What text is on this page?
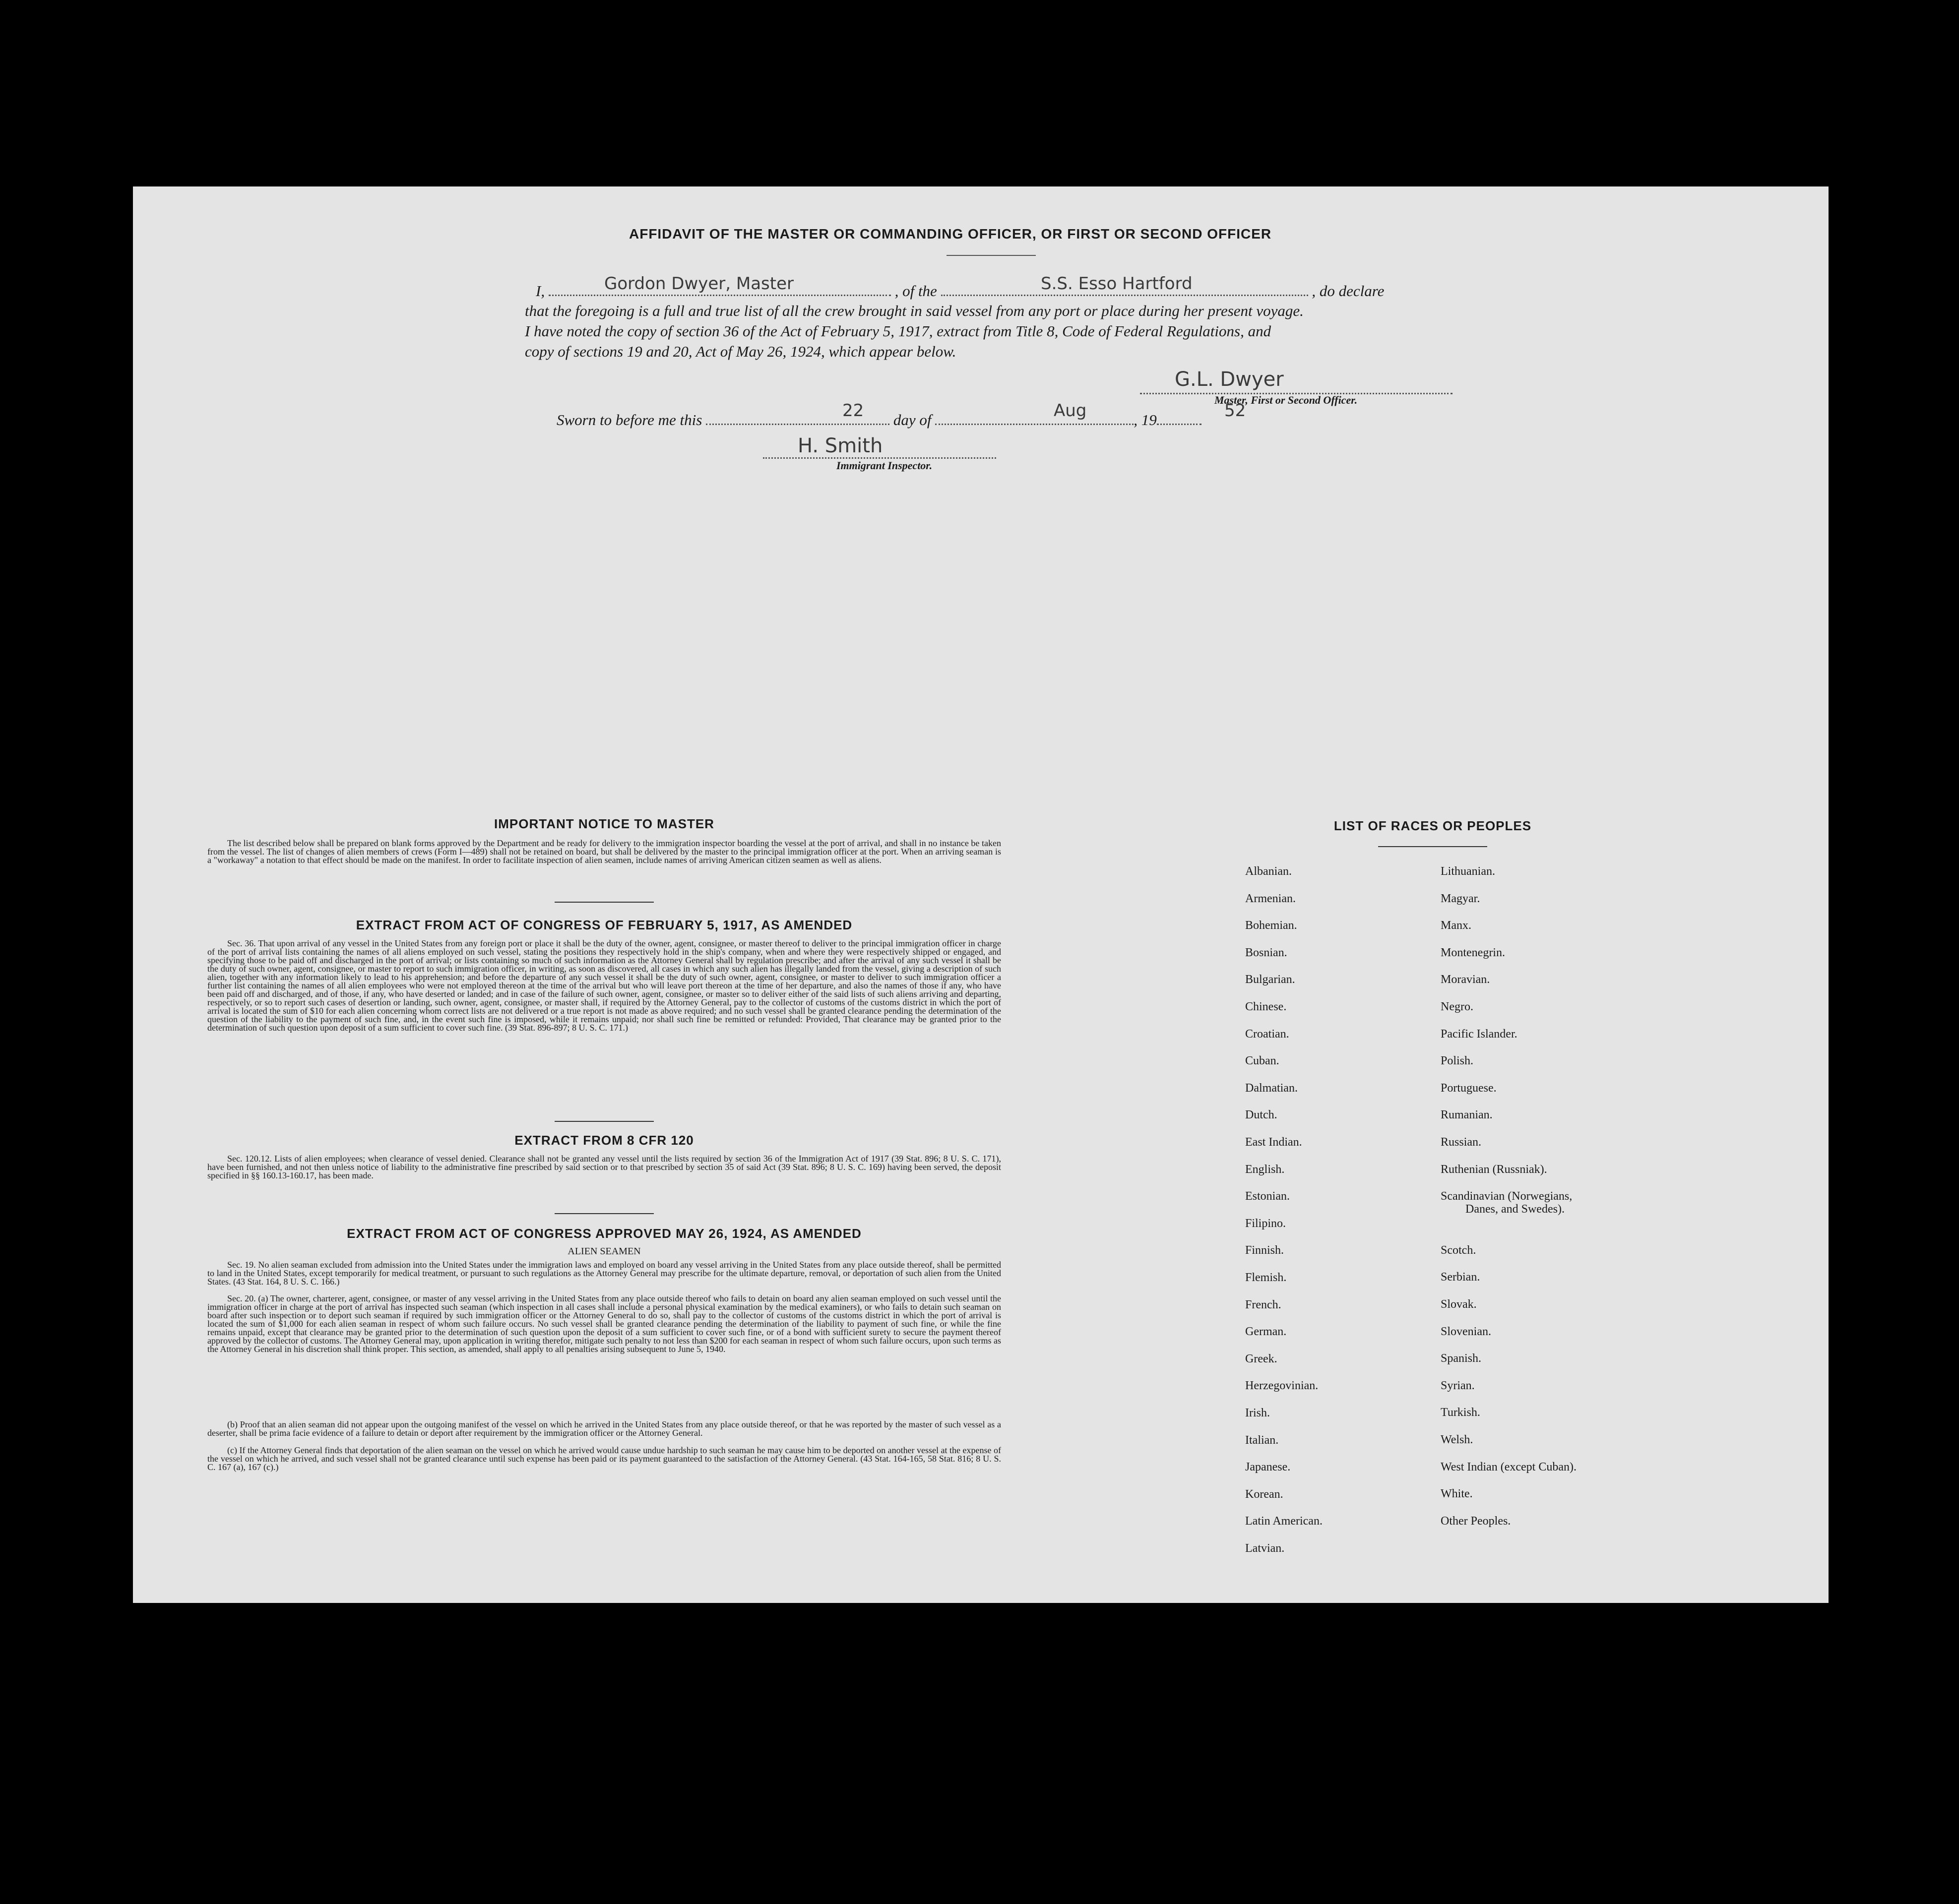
AFFIDAVIT OF THE MASTER OR COMMANDING OFFICER, OR FIRST OR SECOND OFFICER
I,	, of the	, do declare
Gordon Dwyer, Master	S.S. Esso Hartford
that the foregoing is a full and true list of all the crew brought in said vessel from any port or place during her present voyage.
I have noted the copy of section 36 of the Act of February 5, 1917, extract from Title 8, Code of Federal Regulations, and
copy of sections 19 and 20, Act of May 26, 1924, which appear below.
G.L. Dwyer
Master, First or Second Officer.
Sworn to before me this	day of	, 19
22	Aug	52
H. Smith
Immigrant Inspector.
IMPORTANT NOTICE TO MASTER
The list described below shall be prepared on blank forms approved by the Department and be ready for delivery to the immigration inspector boarding the vessel at the port of arrival, and shall in no instance be taken from the vessel. The list of changes of alien members of crews (Form I—489) shall not be retained on board, but shall be delivered by the master to the principal immigration officer at the port. When an arriving seaman is a "workaway" a notation to that effect should be made on the manifest. In order to facilitate inspection of alien seamen, include names of arriving American citizen seamen as well as aliens.
EXTRACT FROM ACT OF CONGRESS OF FEBRUARY 5, 1917, AS AMENDED
Sec. 36. That upon arrival of any vessel in the United States from any foreign port or place it shall be the duty of the owner, agent, consignee, or master thereof to deliver to the principal immigration officer in charge of the port of arrival lists containing the names of all aliens employed on such vessel, stating the positions they respectively hold in the ship's company, when and where they were respectively shipped or engaged, and specifying those to be paid off and discharged in the port of arrival; or lists containing so much of such information as the Attorney General shall by regulation prescribe; and after the arrival of any such vessel it shall be the duty of such owner, agent, consignee, or master to report to such immigration officer, in writing, as soon as discovered, all cases in which any such alien has illegally landed from the vessel, giving a description of such alien, together with any information likely to lead to his apprehension; and before the departure of any such vessel it shall be the duty of such owner, agent, consignee, or master to deliver to such immigration officer a further list containing the names of all alien employees who were not employed thereon at the time of the arrival but who will leave port thereon at the time of her departure, and also the names of those if any, who have been paid off and discharged, and of those, if any, who have deserted or landed; and in case of the failure of such owner, agent, consignee, or master so to deliver either of the said lists of such aliens arriving and departing, respectively, or so to report such cases of desertion or landing, such owner, agent, consignee, or master shall, if required by the Attorney General, pay to the collector of customs of the customs district in which the port of arrival is located the sum of $10 for each alien concerning whom correct lists are not delivered or a true report is not made as above required; and no such vessel shall be granted clearance pending the determination of the question of the liability to the payment of such fine, and, in the event such fine is imposed, while it remains unpaid; nor shall such fine be remitted or refunded: Provided, That clearance may be granted prior to the determination of such question upon deposit of a sum sufficient to cover such fine. (39 Stat. 896-897; 8 U. S. C. 171.)
EXTRACT FROM 8 CFR 120
Sec. 120.12. Lists of alien employees; when clearance of vessel denied. Clearance shall not be granted any vessel until the lists required by section 36 of the Immigration Act of 1917 (39 Stat. 896; 8 U. S. C. 171), have been furnished, and not then unless notice of liability to the administrative fine prescribed by said section or to that prescribed by section 35 of said Act (39 Stat. 896; 8 U. S. C. 169) having been served, the deposit specified in §§ 160.13-160.17, has been made.
EXTRACT FROM ACT OF CONGRESS APPROVED MAY 26, 1924, AS AMENDED
ALIEN SEAMEN
Sec. 19. No alien seaman excluded from admission into the United States under the immigration laws and employed on board any vessel arriving in the United States from any place outside thereof, shall be permitted to land in the United States, except temporarily for medical treatment, or pursuant to such regulations as the Attorney General may prescribe for the ultimate departure, removal, or deportation of such alien from the United States. (43 Stat. 164, 8 U. S. C. 166.)
Sec. 20. (a) The owner, charterer, agent, consignee, or master of any vessel arriving in the United States from any place outside thereof who fails to detain on board any alien seaman employed on such vessel until the immigration officer in charge at the port of arrival has inspected such seaman (which inspection in all cases shall include a personal physical examination by the medical examiners), or who fails to detain such seaman on board after such inspection or to deport such seaman if required by such immigration officer or the Attorney General to do so, shall pay to the collector of customs of the customs district in which the port of arrival is located the sum of $1,000 for each alien seaman in respect of whom such failure occurs. No such vessel shall be granted clearance pending the determination of the liability to payment of such fine, or while the fine remains unpaid, except that clearance may be granted prior to the determination of such question upon the deposit of a sum sufficient to cover such fine, or of a bond with sufficient surety to secure the payment thereof approved by the collector of customs. The Attorney General may, upon application in writing therefor, mitigate such penalty to not less than $200 for each seaman in respect of whom such failure occurs, upon such terms as the Attorney General in his discretion shall think proper. This section, as amended, shall apply to all penalties arising subsequent to June 5, 1940.
(b) Proof that an alien seaman did not appear upon the outgoing manifest of the vessel on which he arrived in the United States from any place outside thereof, or that he was reported by the master of such vessel as a deserter, shall be prima facie evidence of a failure to detain or deport after requirement by the immigration officer or the Attorney General.
(c) If the Attorney General finds that deportation of the alien seaman on the vessel on which he arrived would cause undue hardship to such seaman he may cause him to be deported on another vessel at the expense of the vessel on which he arrived, and such vessel shall not be granted clearance until such expense has been paid or its payment guaranteed to the satisfaction of the Attorney General. (43 Stat. 164-165, 58 Stat. 816; 8 U. S. C. 167 (a), 167 (c).)
LIST OF RACES OR PEOPLES
Albanian.
Armenian.
Bohemian.
Bosnian.
Bulgarian.
Chinese.
Croatian.
Cuban.
Dalmatian.
Dutch.
East Indian.
English.
Estonian.
Filipino.
Finnish.
Flemish.
French.
German.
Greek.
Herzegovinian.
Irish.
Italian.
Japanese.
Korean.
Latin American.
Latvian.
Lithuanian.
Magyar.
Manx.
Montenegrin.
Moravian.
Negro.
Pacific Islander.
Polish.
Portuguese.
Rumanian.
Russian.
Ruthenian (Russniak).
Scandinavian (Norwegians,
Danes, and Swedes).
Scotch.
Serbian.
Slovak.
Slovenian.
Spanish.
Syrian.
Turkish.
Welsh.
West Indian (except Cuban).
White.
Other Peoples.
